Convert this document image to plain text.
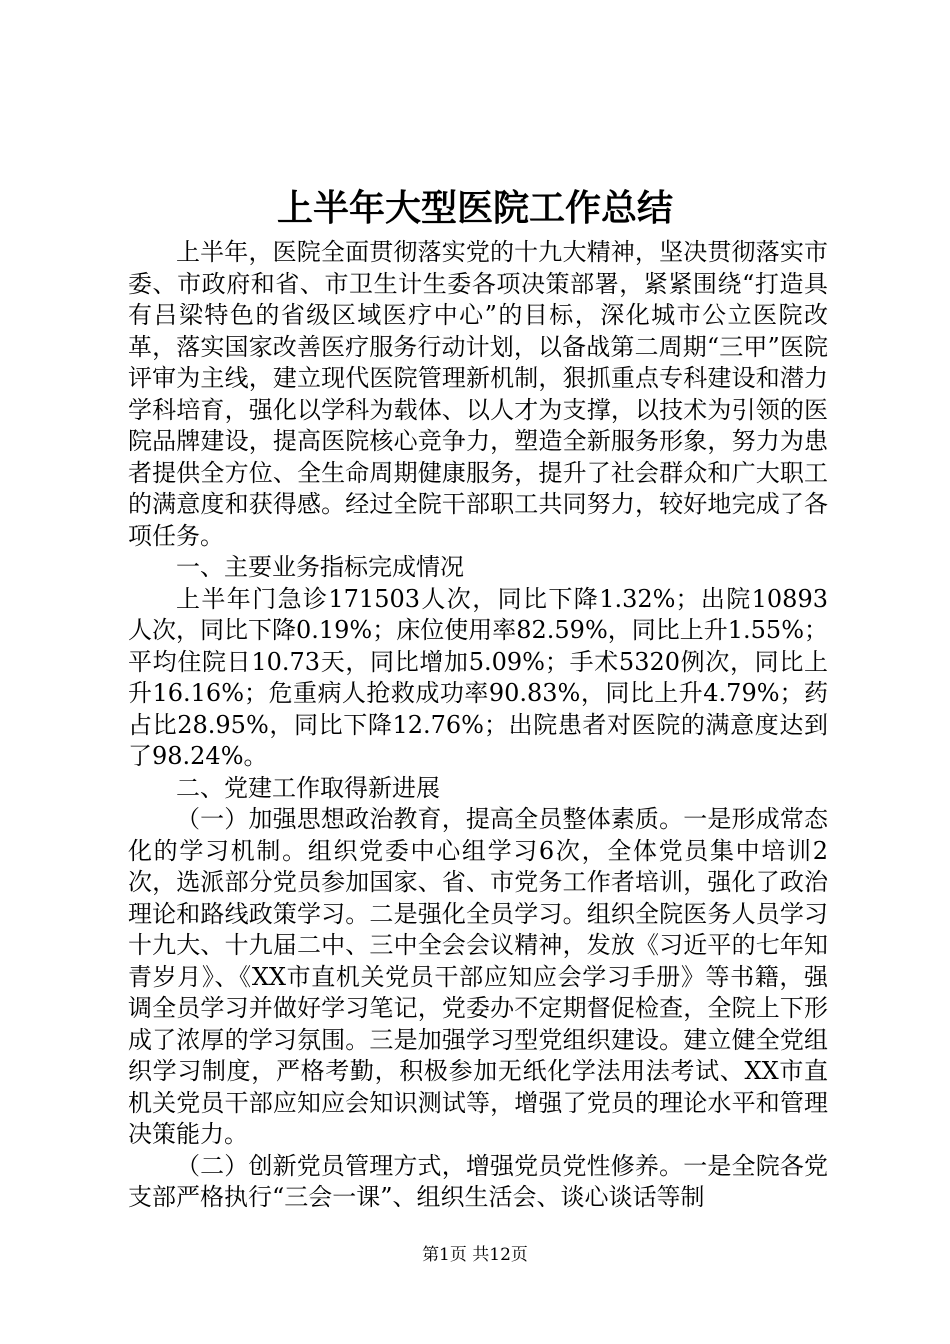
上半年大型医院工作总结

上半年，医院全面贯彻落实党的十九大精神，坚决贯彻落实市委、市政府和省、市卫生计生委各项决策部署，紧紧围绕“打造具有吕梁特色的省级区域医疗中心”的目标，深化城市公立医院改革，落实国家改善医疗服务行动计划，以备战第二周期“三甲”医院评审为主线，建立现代医院管理新机制，狠抓重点专科建设和潜力学科培育，强化以学科为载体、以人才为支撑，以技术为引领的医院品牌建设，提高医院核心竞争力，塑造全新服务形象，努力为患者提供全方位、全生命周期健康服务，提升了社会群众和广大职工的满意度和获得感。经过全院干部职工共同努力，较好地完成了各项任务。

一、主要业务指标完成情况

上半年门急诊171503人次，同比下降1.32%；出院10893人次，同比下降0.19%；床位使用率82.59%，同比上升1.55%；平均住院日10.73天，同比增加5.09%；手术5320例次，同比上升16.16%；危重病人抢救成功率90.83%，同比上升4.79%；药占比28.95%，同比下降12.76%；出院患者对医院的满意度达到了98.24%。

二、党建工作取得新进展

（一）加强思想政治教育，提高全员整体素质。一是形成常态化的学习机制。组织党委中心组学习6次，全体党员集中培训2次，选派部分党员参加国家、省、市党务工作者培训，强化了政治理论和路线政策学习。二是强化全员学习。组织全院医务人员学习十九大、十九届二中、三中全会会议精神，发放《习近平的七年知青岁月》、《XX市直机关党员干部应知应会学习手册》等书籍，强调全员学习并做好学习笔记，党委办不定期督促检查，全院上下形成了浓厚的学习氛围。三是加强学习型党组织建设。建立健全党组织学习制度，严格考勤，积极参加无纸化学法用法考试、XX市直机关党员干部应知应会知识测试等，增强了党员的理论水平和管理决策能力。

（二）创新党员管理方式，增强党员党性修养。一是全院各党支部严格执行“三会一课”、组织生活会、谈心谈话等制

第1页 共12页
